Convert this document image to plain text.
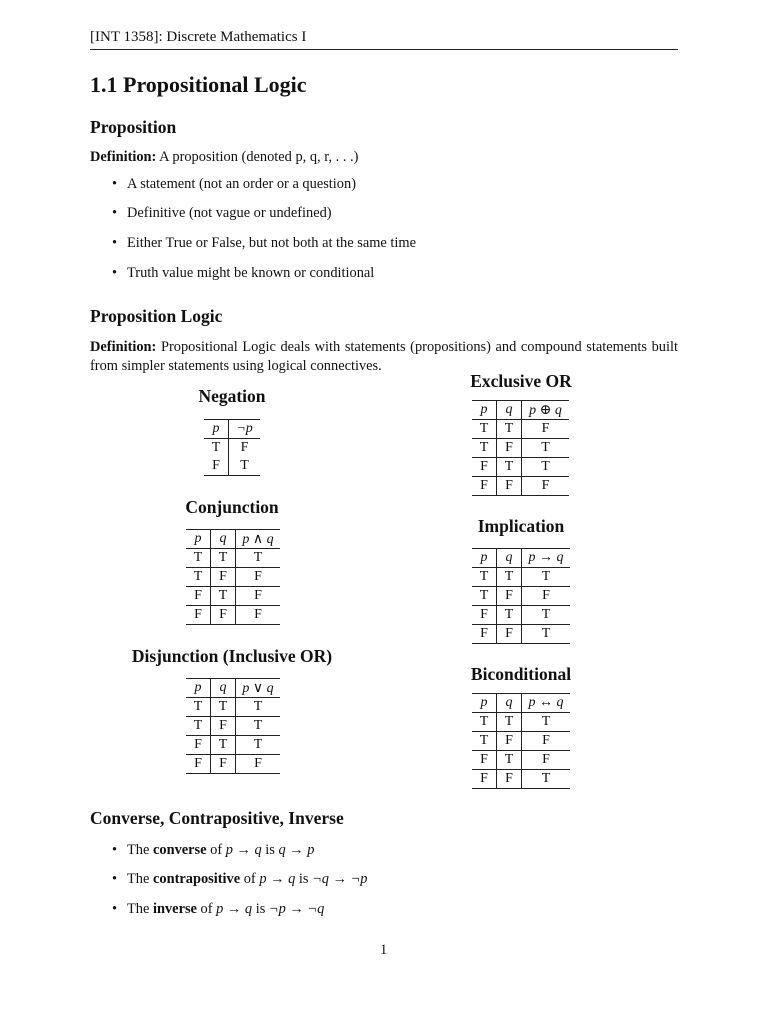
[INT 1358]: Discrete Mathematics I
1.1 Propositional Logic
Proposition
Definition: A proposition (denoted p, q, r, . . .)
• A statement (not an order or a question)
• Definitive (not vague or undefined)
• Either True or False, but not both at the same time
• Truth value might be known or conditional
Proposition Logic
Definition: Propositional Logic deals with statements (propositions) and compound statements built from simpler statements using logical connectives.
Negation
p	¬p
T	F
F	T
Conjunction
p	q	p ∧ q
T	T	T
T	F	F
F	T	F
F	F	F
Disjunction (Inclusive OR)
p	q	p ∨ q
T	T	T
T	F	T
F	T	T
F	F	F
Exclusive OR
p	q	p ⊕ q
T	T	F
T	F	T
F	T	T
F	F	F
Implication
p	q	p → q
T	T	T
T	F	F
F	T	T
F	F	T
Biconditional
p	q	p ↔ q
T	T	T
T	F	F
F	T	F
F	F	T
Converse, Contrapositive, Inverse
• The converse of p → q is q → p
• The contrapositive of p → q is ¬q → ¬p
• The inverse of p → q is ¬p → ¬q
1
